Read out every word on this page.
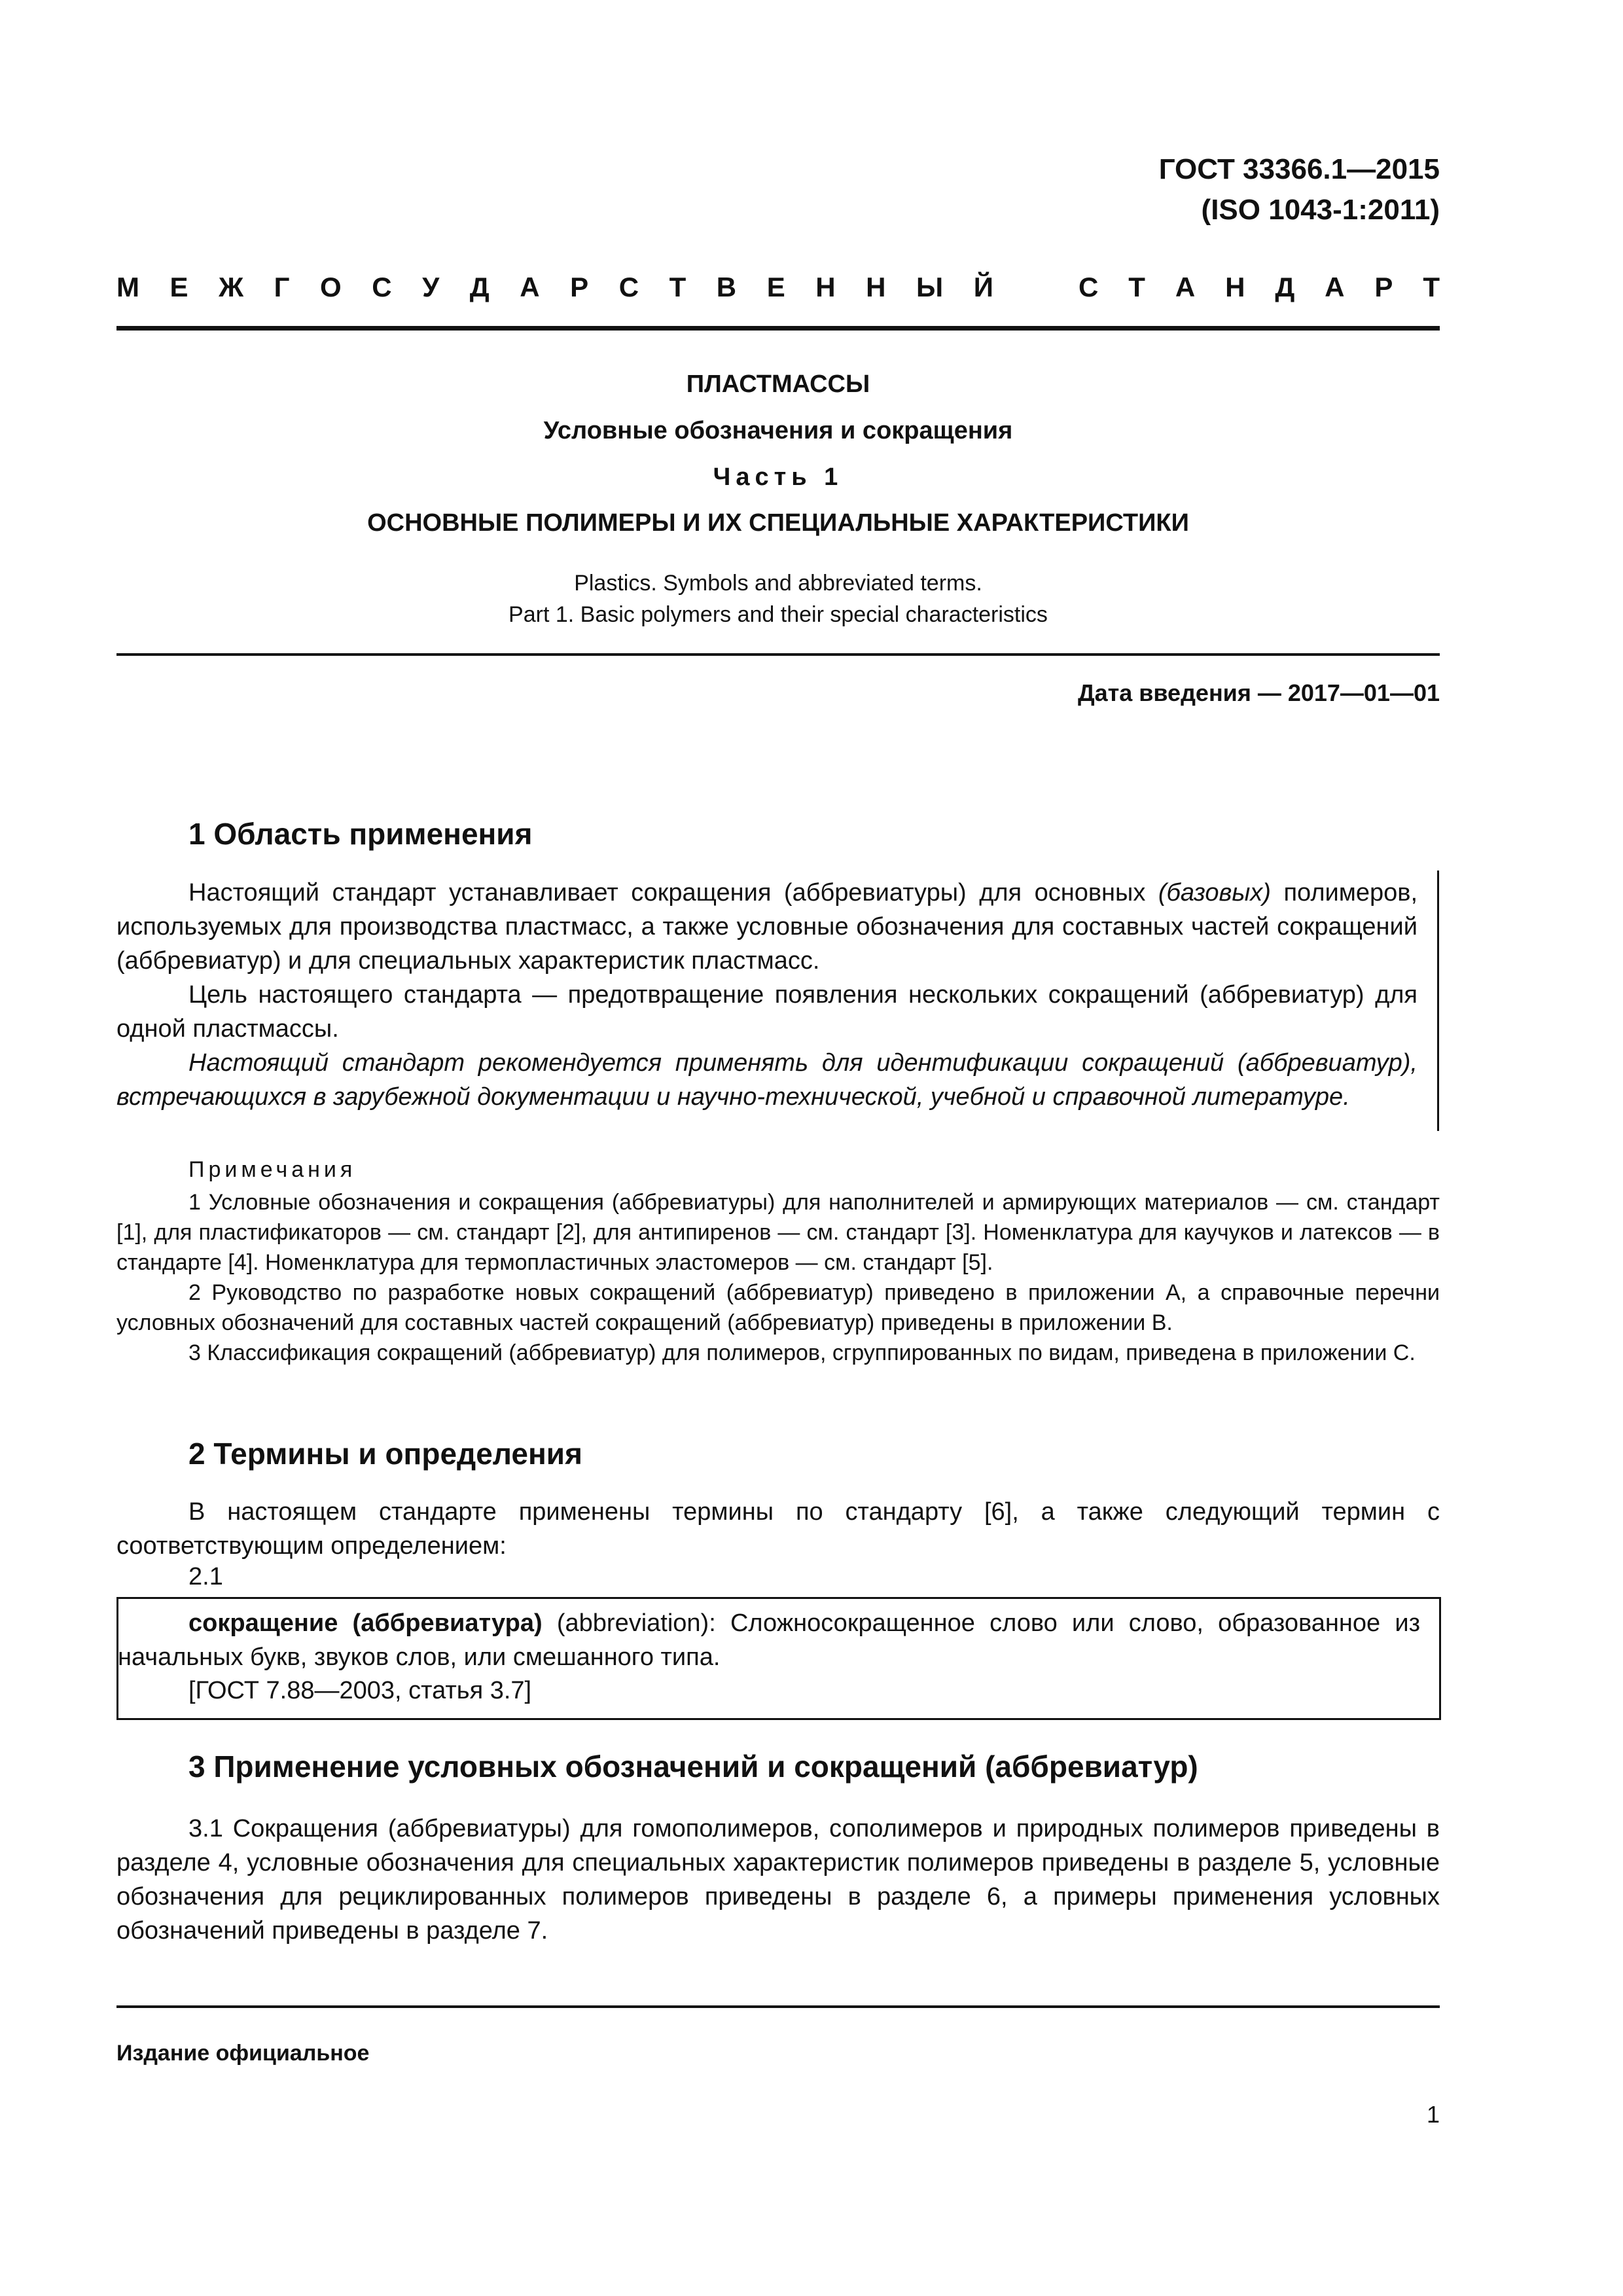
ГОСТ 33366.1—2015
(ISO 1043-1:2011)
М Е Ж Г О С У Д А Р С Т В Е Н Н Ы Й	С Т А Н Д А Р Т
ПЛАСТМАССЫ
Условные обозначения и сокращения
Часть 1
ОСНОВНЫЕ ПОЛИМЕРЫ И ИХ СПЕЦИАЛЬНЫЕ ХАРАКТЕРИСТИКИ
Plastics. Symbols and abbreviated terms.
Part 1. Basic polymers and their special characteristics
Дата введения — 2017—01—01
1 Область применения
Настоящий стандарт устанавливает сокращения (аббревиатуры) для основных (базовых) полимеров, используемых для производства пластмасс, а также условные обозначения для составных частей сокращений (аббревиатур) и для специальных характеристик пластмасс.
Цель настоящего стандарта — предотвращение появления нескольких сокращений (аббревиатур) для одной пластмассы.
Настоящий стандарт рекомендуется применять для идентификации сокращений (аббревиатур), встречающихся в зарубежной документации и научно-технической, учебной и справочной литературе.
Примечания
1 Условные обозначения и сокращения (аббревиатуры) для наполнителей и армирующих материалов — см. стандарт [1], для пластификаторов — см. стандарт [2], для антипиренов — см. стандарт [3]. Номенклатура для каучуков и латексов — в стандарте [4]. Номенклатура для термопластичных эластомеров — см. стандарт [5].
2 Руководство по разработке новых сокращений (аббревиатур) приведено в приложении А, а справочные перечни условных обозначений для составных частей сокращений (аббревиатур) приведены в приложении В.
3 Классификация сокращений (аббревиатур) для полимеров, сгруппированных по видам, приведена в приложении С.
2 Термины и определения
В настоящем стандарте применены термины по стандарту [6], а также следующий термин с соответствующим определением:
2.1
сокращение (аббревиатура) (abbreviation): Сложносокращенное слово или слово, образованное из начальных букв, звуков слов, или смешанного типа.
[ГОСТ 7.88—2003, статья 3.7]
3 Применение условных обозначений и сокращений (аббревиатур)
3.1 Сокращения (аббревиатуры) для гомополимеров, сополимеров и природных полимеров приведены в разделе 4, условные обозначения для специальных характеристик полимеров приведены в разделе 5, условные обозначения для рециклированных полимеров приведены в разделе 6, а примеры применения условных обозначений приведены в разделе 7.
Издание официальное
1
